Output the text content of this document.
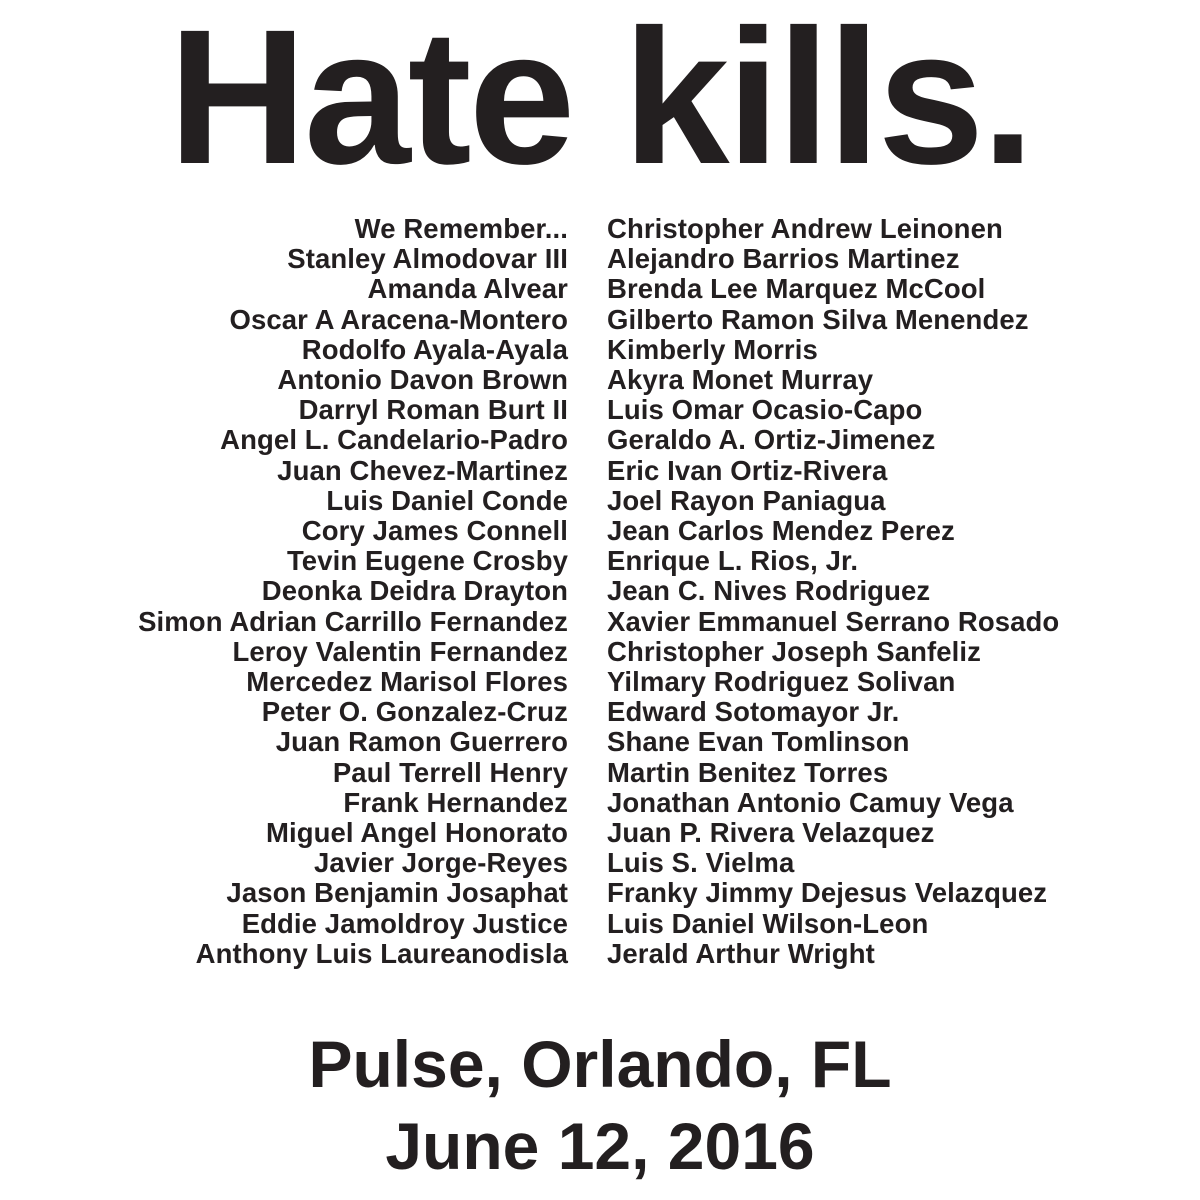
Hate kills.
We Remember...
Stanley Almodovar III
Amanda Alvear
Oscar A Aracena-Montero
Rodolfo Ayala-Ayala
Antonio Davon Brown
Darryl Roman Burt II
Angel L. Candelario-Padro
Juan Chevez-Martinez
Luis Daniel Conde
Cory James Connell
Tevin Eugene Crosby
Deonka Deidra Drayton
Simon Adrian Carrillo Fernandez
Leroy Valentin Fernandez
Mercedez Marisol Flores
Peter O. Gonzalez-Cruz
Juan Ramon Guerrero
Paul Terrell Henry
Frank Hernandez
Miguel Angel Honorato
Javier Jorge-Reyes
Jason Benjamin Josaphat
Eddie Jamoldroy Justice
Anthony Luis Laureanodisla
Christopher Andrew Leinonen
Alejandro Barrios Martinez
Brenda Lee Marquez McCool
Gilberto Ramon Silva Menendez
Kimberly Morris
Akyra Monet Murray
Luis Omar Ocasio-Capo
Geraldo A. Ortiz-Jimenez
Eric Ivan Ortiz-Rivera
Joel Rayon Paniagua
Jean Carlos Mendez Perez
Enrique L. Rios, Jr.
Jean C. Nives Rodriguez
Xavier Emmanuel Serrano Rosado
Christopher Joseph Sanfeliz
Yilmary Rodriguez Solivan
Edward Sotomayor Jr.
Shane Evan Tomlinson
Martin Benitez Torres
Jonathan Antonio Camuy Vega
Juan P. Rivera Velazquez
Luis S. Vielma
Franky Jimmy Dejesus Velazquez
Luis Daniel Wilson-Leon
Jerald Arthur Wright

Pulse, Orlando, FL

June 12, 2016
